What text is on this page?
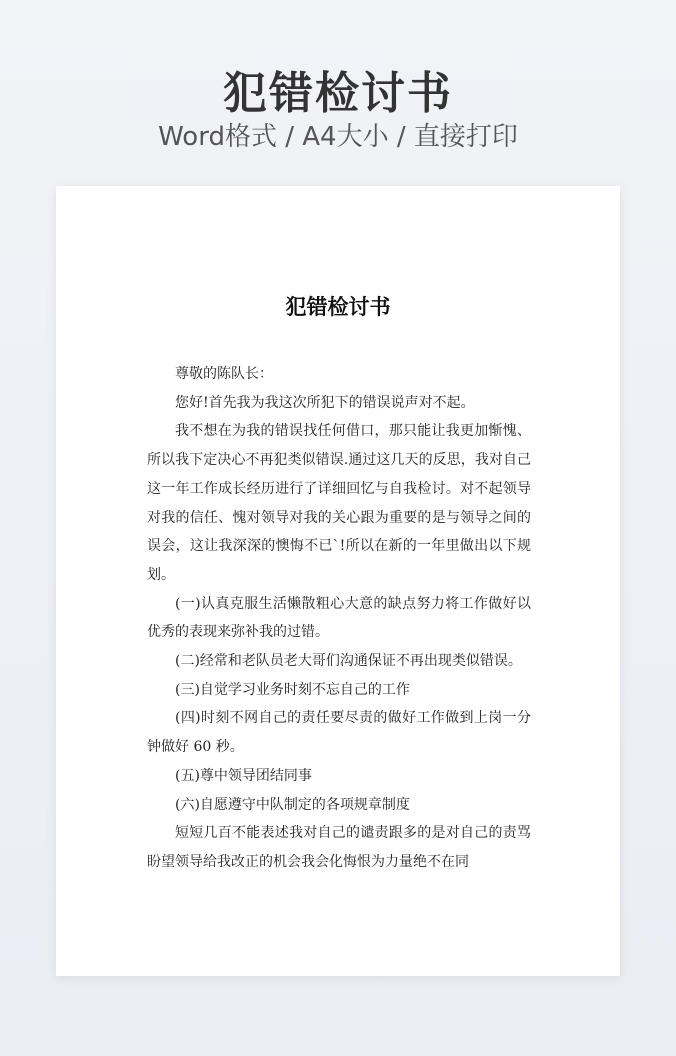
犯错检讨书
Word格式 / A4大小 / 直接打印
犯错检讨书

尊敬的陈队长：

您好!首先我为我这次所犯下的错误说声对不起。

我不想在为我的错误找任何借口，那只能让我更加惭愧、所以我下定决心不再犯类似错误.通过这几天的反思，我对自己这一年工作成长经历进行了详细回忆与自我检讨。对不起领导对我的信任、愧对领导对我的关心跟为重要的是与领导之间的误会，这让我深深的懊悔不已`!所以在新的一年里做出以下规划。

(一)认真克服生活懒散粗心大意的缺点努力将工作做好以优秀的表现来弥补我的过错。

(二)经常和老队员老大哥们沟通保证不再出现类似错误。

(三)自觉学习业务时刻不忘自己的工作

(四)时刻不网自己的责任要尽责的做好工作做到上岗一分钟做好 60 秒。

(五)尊中领导团结同事

(六)自愿遵守中队制定的各项规章制度

短短几百不能表述我对自己的谴责跟多的是对自己的责骂盼望领导给我改正的机会我会化悔恨为力量绝不在同
